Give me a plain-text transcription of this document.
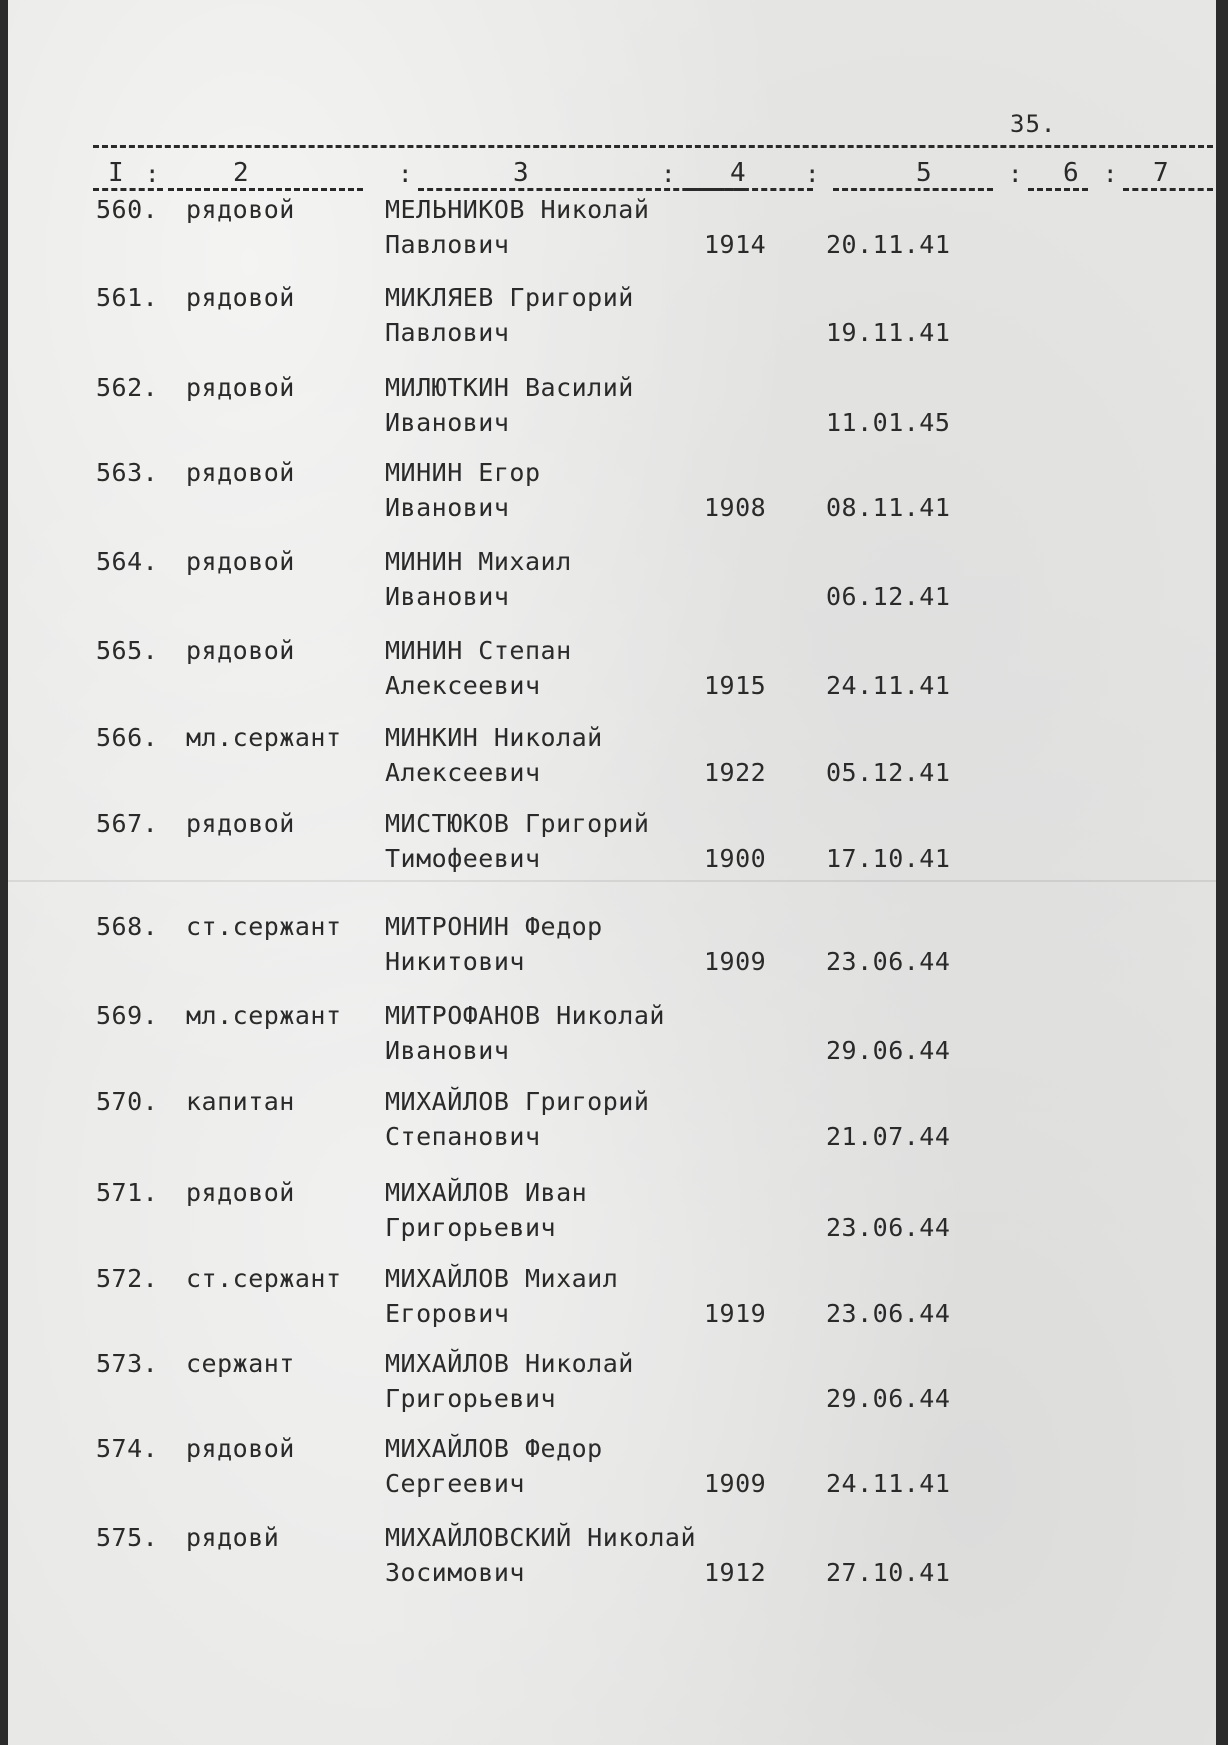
35.
I :	2	:	3	: 4 :	5	: 6 : 7
560. рядовой	МЕЛЬНИКОВ Николай
Павлович	1914 20.11.41
561. рядовой	МИКЛЯЕВ Григорий
Павлович	19.11.41
562. рядовой	МИЛЮТКИН Василий
Иванович	11.01.45
563. рядовой	МИНИН Егор
Иванович	1908 08.11.41
564. рядовой	МИНИН Михаил
Иванович	06.12.41
565. рядовой	МИНИН Степан
Алексеевич	1915 24.11.41
566. мл.сержант МИНКИН Николай
Алексеевич	1922 05.12.41
567. рядовой	МИСТЮКОВ Григорий
Тимофеевич	1900 17.10.41
568. ст.сержант МИТРОНИН Федор
Никитович	1909 23.06.44
569. мл.сержант МИТРОФАНОВ Николай
Иванович	29.06.44
570. капитан	МИХАЙЛОВ Григорий
Степанович	21.07.44
571. рядовой	МИХАЙЛОВ Иван
Григорьевич	23.06.44
572. ст.сержант МИХАЙЛОВ Михаил
Егорович	1919 23.06.44
573. сержант	МИХАЙЛОВ Николай
Григорьевич	29.06.44
574. рядовой	МИХАЙЛОВ Федор
Сергеевич	1909 24.11.41
575. рядовй	МИХАЙЛОВСКИЙ Николай
Зосимович	1912 27.10.41
